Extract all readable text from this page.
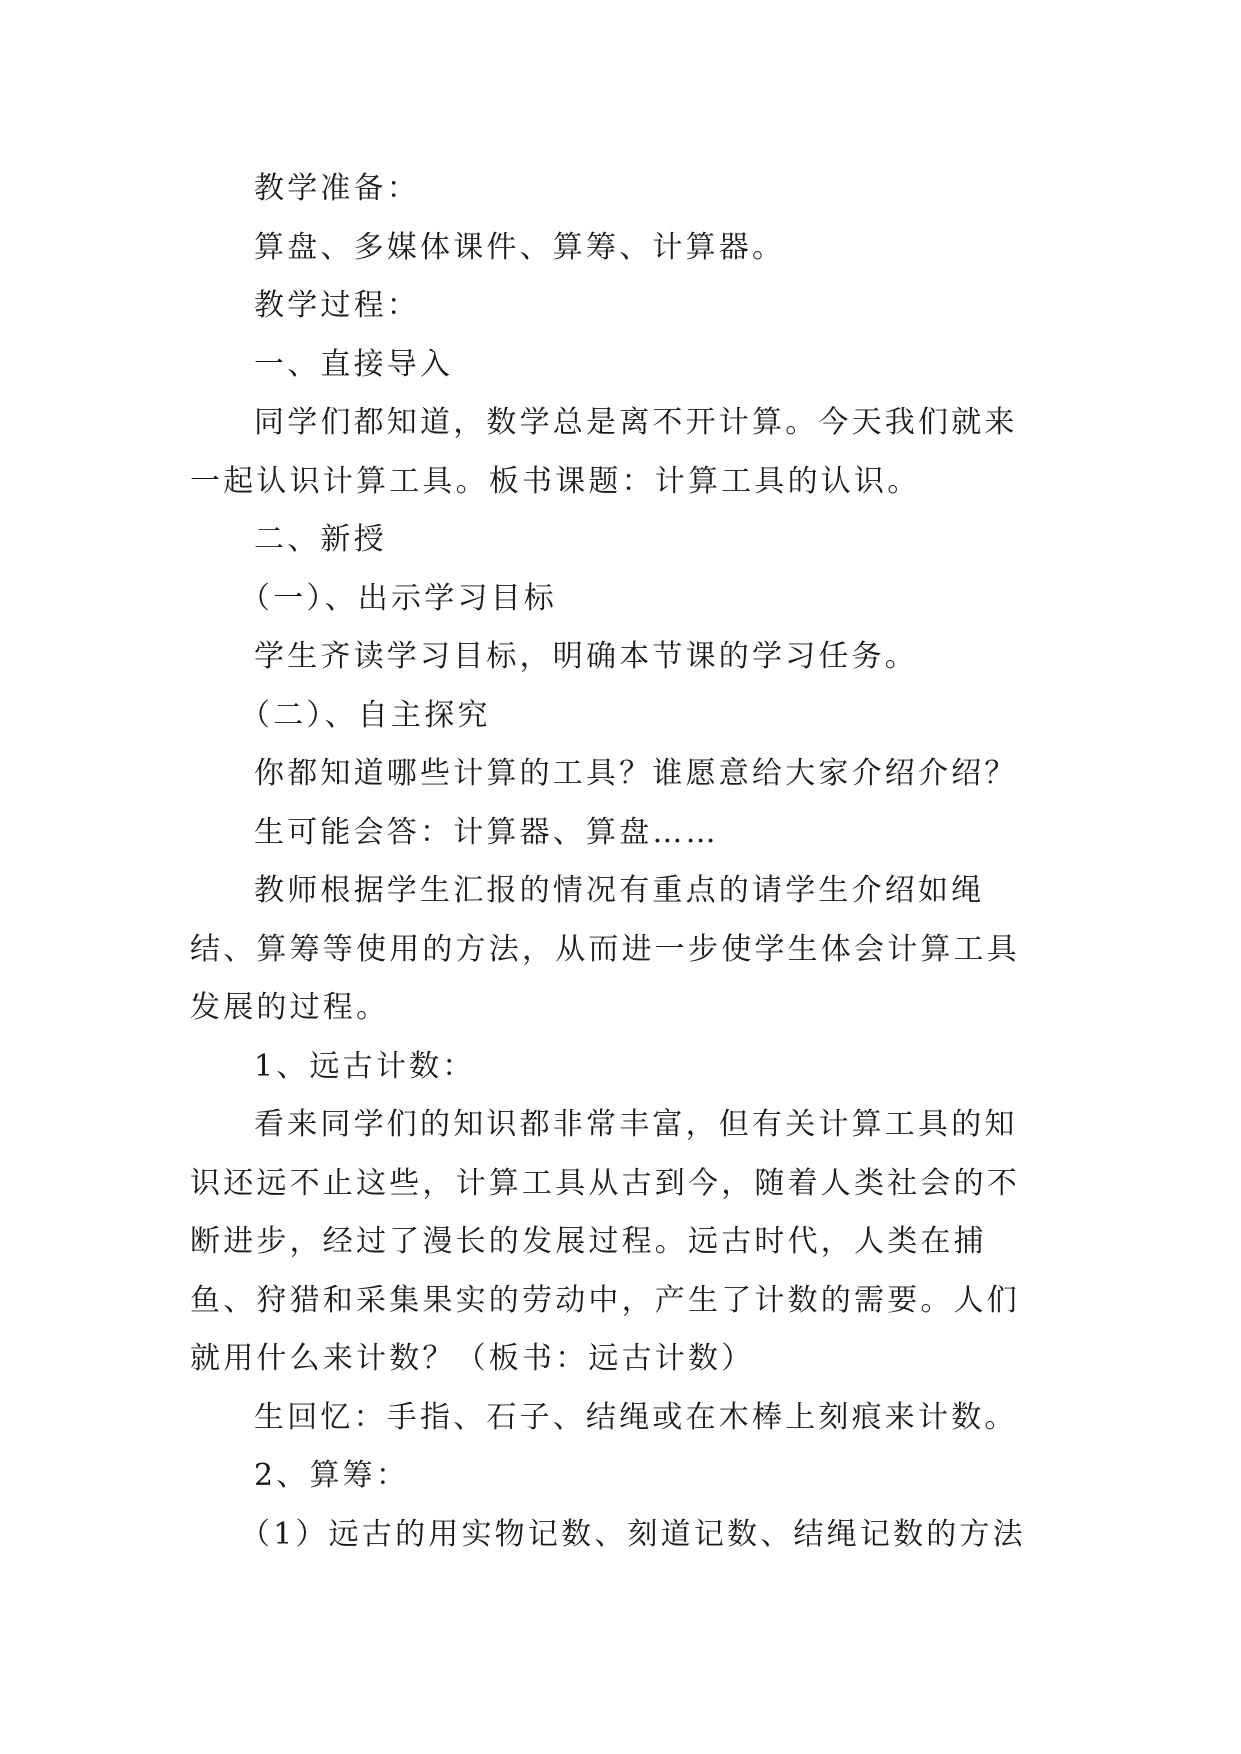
教学准备：

算盘、多媒体课件、算筹、计算器。

教学过程：

一、直接导入

同学们都知道，数学总是离不开计算。今天我们就来一起认识计算工具。板书课题：计算工具的认识。

二、新授

（一）、出示学习目标

学生齐读学习目标，明确本节课的学习任务。

（二）、自主探究

你都知道哪些计算的工具？谁愿意给大家介绍介绍？

生可能会答：计算器、算盘……

教师根据学生汇报的情况有重点的请学生介绍如绳结、算筹等使用的方法，从而进一步使学生体会计算工具发展的过程。

1、远古计数：

看来同学们的知识都非常丰富，但有关计算工具的知识还远不止这些，计算工具从古到今，随着人类社会的不断进步，经过了漫长的发展过程。远古时代，人类在捕鱼、狩猎和采集果实的劳动中，产生了计数的需要。人们就用什么来计数？（板书：远古计数）

生回忆：手指、石子、结绳或在木棒上刻痕来计数。

2、算筹：

（1）远古的用实物记数、刻道记数、结绳记数的方法
